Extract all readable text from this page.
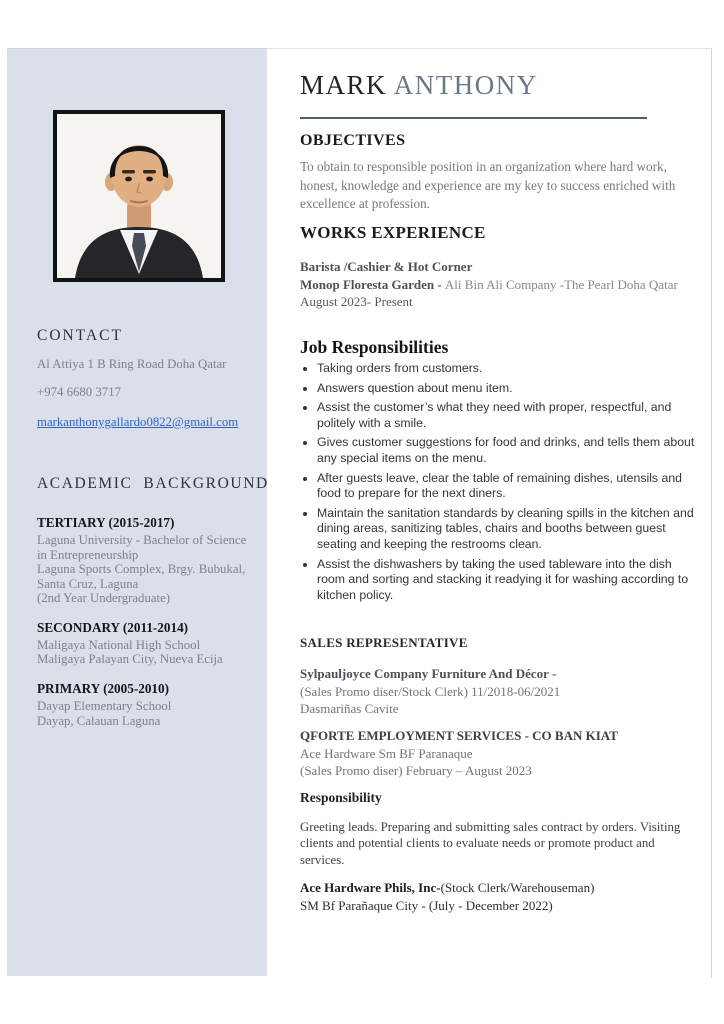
CONTACT

Al Attiya 1 B Ring Road Doha Qatar

+974 6680 3717

markanthonygallardo0822@gmail.com

ACADEMIC  BACKGROUND

TERTIARY (2015-2017)

Laguna University - Bachelor of Science in Entrepreneurship

Laguna Sports Complex, Brgy. Bubukal, Santa Cruz, Laguna

(2nd Year Undergraduate)

SECONDARY (2011-2014)

Maligaya National High School

Maligaya Palayan City, Nueva Ecija

PRIMARY (2005-2010)

Dayap Elementary School

Dayap, Calauan Laguna

MARK ANTHONY
OBJECTIVES

To obtain to responsible position in an organization where hard work, honest, knowledge and experience are my key to success enriched with excellence at profession.

WORKS EXPERIENCE
Barista /Cashier & Hot Corner
Monop Floresta Garden - Ali Bin Ali Company -The Pearl Doha Qatar
August 2023- Present
Job Responsibilities
• Taking orders from customers.
• Answers question about menu item.
• Assist the customer’s what they need with proper, respectful, and politely with a smile.
• Gives customer suggestions for food and drinks, and tells them about any special items on the menu.
• After guests leave, clear the table of remaining dishes, utensils and food to prepare for the next diners.
• Maintain the sanitation standards by cleaning spills in the kitchen and dining areas, sanitizing tables, chairs and booths between guest seating and keeping the restrooms clean.
• Assist the dishwashers by taking the used tableware into the dish room and sorting and stacking it readying it for washing according to kitchen policy.
SALES REPRESENTATIVE
Sylpauljoyce Company Furniture And Décor -
(Sales Promo diser/Stock Clerk) 11/2018-06/2021
Dasmariñas Cavite
QFORTE EMPLOYMENT SERVICES - CO BAN KIAT
Ace Hardware Sm BF Paranaque
(Sales Promo diser) February – August 2023
Responsibility

Greeting leads. Preparing and submitting sales contract by orders. Visiting clients and potential clients to evaluate needs or promote product and services.

Ace Hardware Phils, Inc-(Stock Clerk/Warehouseman)
SM Bf Parañaque City - (July - December 2022)
